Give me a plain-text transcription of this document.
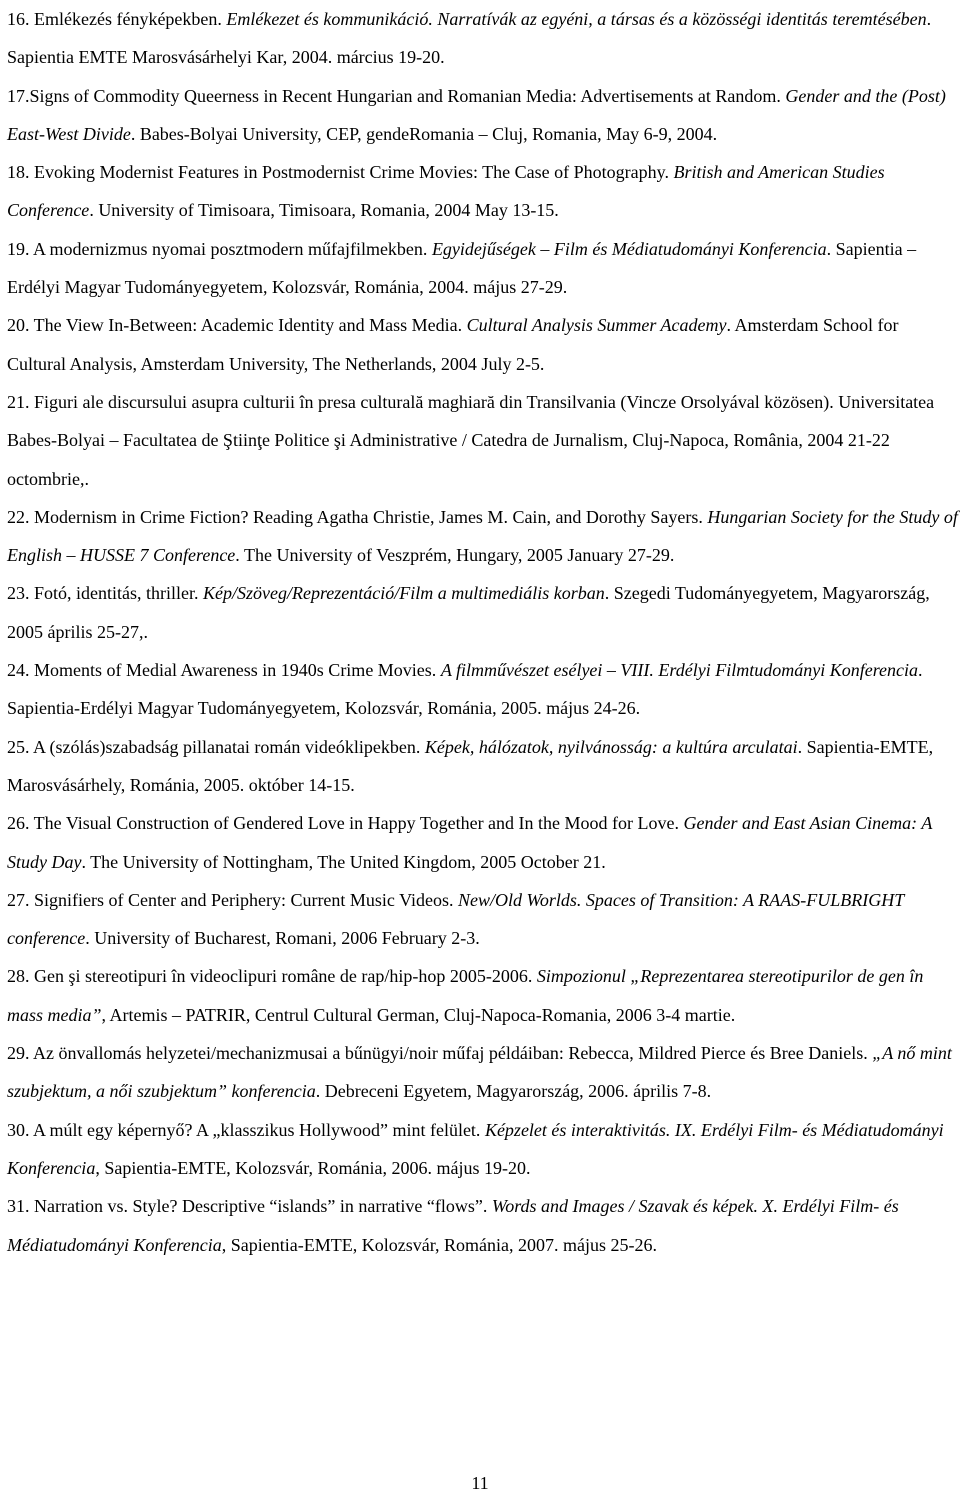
16. Emlékezés fényképekben. Emlékezet és kommunikáció. Narratívák az egyéni, a társas és a közösségi identitás teremtésében. Sapientia EMTE Marosvásárhelyi Kar, 2004. március 19-20.

17.Signs of Commodity Queerness in Recent Hungarian and Romanian Media: Advertisements at Random. Gender and the (Post) East-West Divide. Babes-Bolyai University, CEP, gendeRomania – Cluj, Romania, May 6-9, 2004.

18. Evoking Modernist Features in Postmodernist Crime Movies: The Case of Photography. British and American Studies Conference. University of Timisoara, Timisoara, Romania, 2004 May 13-15.

19. A modernizmus nyomai posztmodern műfajfilmekben. Egyidejűségek – Film és Médiatudományi Konferencia. Sapientia – Erdélyi Magyar Tudományegyetem, Kolozsvár, Románia, 2004. május 27-29.

20. The View In-Between: Academic Identity and Mass Media. Cultural Analysis Summer Academy. Amsterdam School for Cultural Analysis, Amsterdam University, The Netherlands, 2004 July 2-5.

21. Figuri ale discursului asupra culturii în presa culturală maghiară din Transilvania (Vincze Orsolyával közösen). Universitatea Babes-Bolyai – Facultatea de Ştiinţe Politice şi Administrative / Catedra de Jurnalism, Cluj-Napoca, România, 2004 21-22 octombrie,.

22. Modernism in Crime Fiction? Reading Agatha Christie, James M. Cain, and Dorothy Sayers. Hungarian Society for the Study of English – HUSSE 7 Conference. The University of Veszprém, Hungary, 2005 January 27-29.

23. Fotó, identitás, thriller. Kép/Szöveg/Reprezentáció/Film a multimediális korban. Szegedi Tudományegyetem, Magyarország, 2005 április 25-27,.

24. Moments of Medial Awareness in 1940s Crime Movies. A filmművészet esélyei – VIII. Erdélyi Filmtudományi Konferencia. Sapientia-Erdélyi Magyar Tudományegyetem, Kolozsvár, Románia, 2005. május 24-26.

25. A (szólás)szabadság pillanatai román videóklipekben. Képek, hálózatok, nyilvánosság: a kultúra arculatai. Sapientia-EMTE, Marosvásárhely, Románia, 2005. október 14-15.

26. The Visual Construction of Gendered Love in Happy Together and In the Mood for Love. Gender and East Asian Cinema: A Study Day. The University of Nottingham, The United Kingdom, 2005 October 21.

27. Signifiers of Center and Periphery: Current Music Videos. New/Old Worlds. Spaces of Transition: A RAAS-FULBRIGHT conference. University of Bucharest, Romani, 2006 February 2-3.

28. Gen şi stereotipuri în videoclipuri române de rap/hip-hop 2005-2006. Simpozionul „Reprezentarea stereotipurilor de gen în mass media”, Artemis – PATRIR, Centrul Cultural German, Cluj-Napoca-Romania, 2006 3-4 martie.

29. Az önvallomás helyzetei/mechanizmusai a bűnügyi/noir műfaj példáiban: Rebecca, Mildred Pierce és Bree Daniels. „A nő mint szubjektum, a női szubjektum” konferencia. Debreceni Egyetem, Magyarország, 2006. április 7-8.

30. A múlt egy képernyő? A „klasszikus Hollywood” mint felület. Képzelet és interaktivitás. IX. Erdélyi Film- és Médiatudományi Konferencia, Sapientia-EMTE, Kolozsvár, Románia, 2006. május 19-20.

31. Narration vs. Style? Descriptive “islands” in narrative “flows”. Words and Images / Szavak és képek. X. Erdélyi Film- és Médiatudományi Konferencia, Sapientia-EMTE, Kolozsvár, Románia, 2007. május 25-26.

11
